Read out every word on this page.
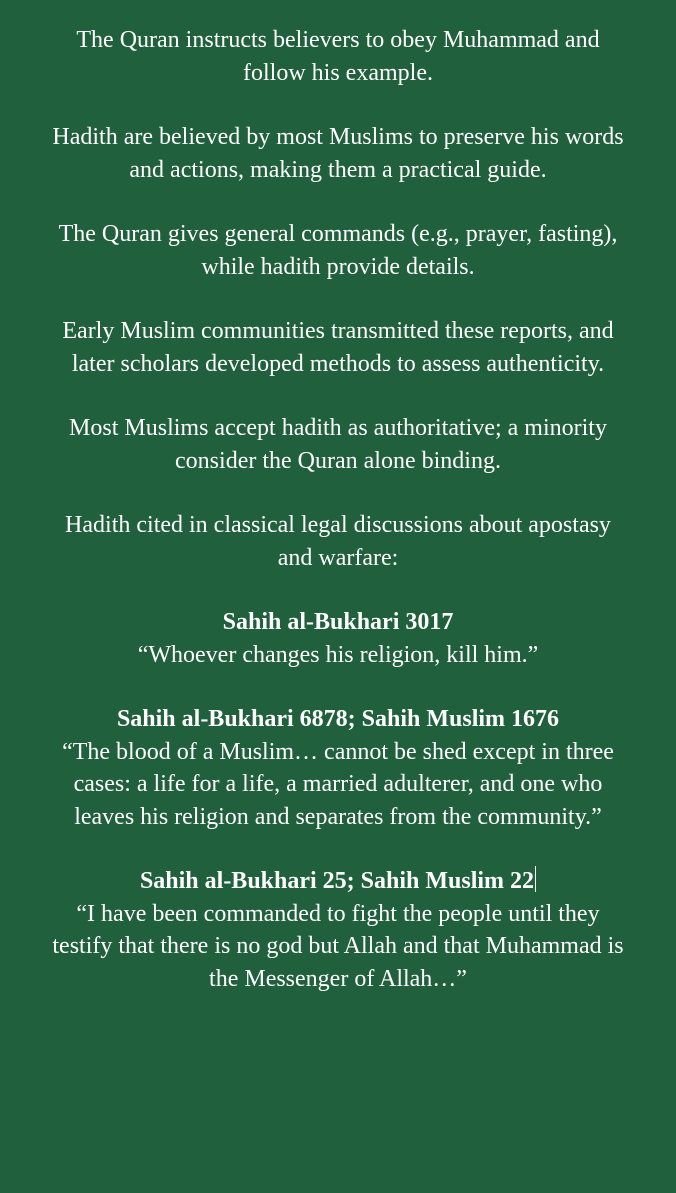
The Quran instructs believers to obey Muhammad and follow his example.

Hadith are believed by most Muslims to preserve his words and actions, making them a practical guide.

The Quran gives general commands (e.g., prayer, fasting), while hadith provide details.

Early Muslim communities transmitted these reports, and later scholars developed methods to assess authenticity.

Most Muslims accept hadith as authoritative; a minority consider the Quran alone binding.

Hadith cited in classical legal discussions about apostasy and warfare:

Sahih al-Bukhari 3017
“Whoever changes his religion, kill him.”

Sahih al-Bukhari 6878; Sahih Muslim 1676
“The blood of a Muslim… cannot be shed except in three cases: a life for a life, a married adulterer, and one who leaves his religion and separates from the community.”

Sahih al-Bukhari 25; Sahih Muslim 22
“I have been commanded to fight the people until they testify that there is no god but Allah and that Muhammad is the Messenger of Allah…”
